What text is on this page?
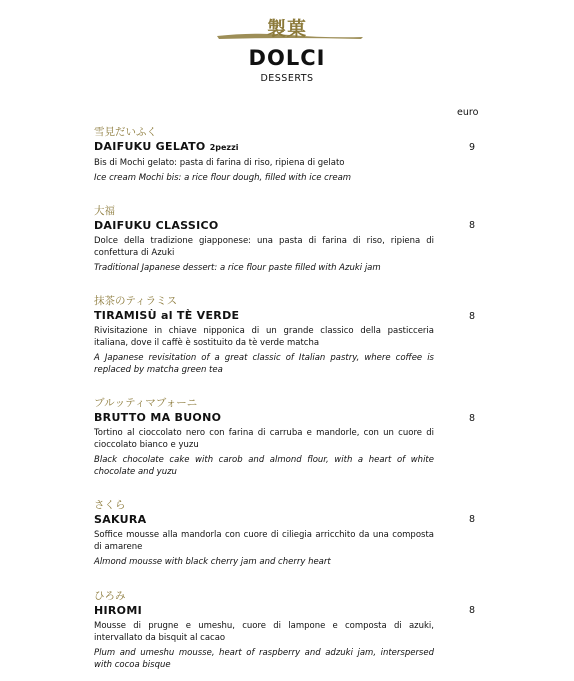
製菓
DOLCI
DESSERTS
euro
雪見だいふく
DAIFUKU GELATO 2pezzi
Bis di Mochi gelato: pasta di farina di riso, ripiena di gelato
Ice cream Mochi bis: a rice flour dough, filled with ice cream
9
大福
DAIFUKU CLASSICO
Dolce della tradizione giapponese: una pasta di farina di riso, ripiena di confettura di Azuki
Traditional Japanese dessert: a rice flour paste filled with Azuki jam
8
抹茶のティラミス
TIRAMISÙ al TÈ VERDE
Rivisitazione in chiave nipponica di un grande classico della pasticceria italiana, dove il caffè è sostituito da tè verde matcha
A Japanese revisitation of a great classic of Italian pastry, where coffee is replaced by matcha green tea
8
ブルッティマブォーニ
BRUTTO MA BUONO
Tortino al cioccolato nero con farina di carruba e mandorle, con un cuore di cioccolato bianco e yuzu
Black chocolate cake with carob and almond flour, with a heart of white chocolate and yuzu
8
さくら
SAKURA
Soffice mousse alla mandorla con cuore di ciliegia arricchito da una composta di amarene
Almond mousse with black cherry jam and cherry heart
8
ひろみ
HIROMI
Mousse di prugne e umeshu, cuore di lampone e composta di azuki, intervallato da bisquit al cacao
Plum and umeshu mousse, heart of raspberry and adzuki jam, interspersed with cocoa bisque
8
